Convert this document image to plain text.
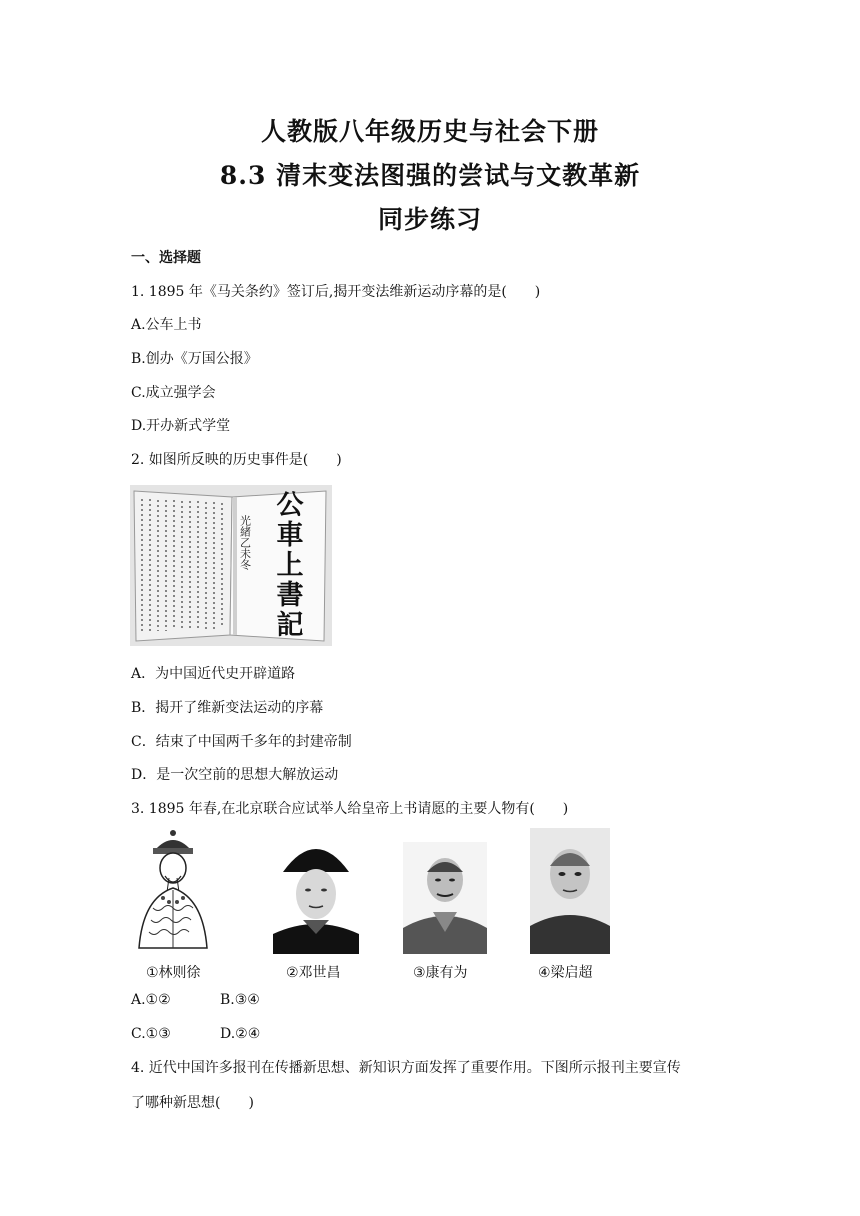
人教版八年级历史与社会下册
8.3 清末变法图强的尝试与文教革新
同步练习
一、选择题
1. 1895 年《马关条约》签订后,揭开变法维新运动序幕的是(　　)
A.公车上书
B.创办《万国公报》
C.成立强学会
D.开办新式学堂
2. 如图所反映的历史事件是(　　)
光緒乙未冬
公
車
上
書
記
A．为中国近代史开辟道路
B．揭开了维新变法运动的序幕
C．结束了中国两千多年的封建帝制
D．是一次空前的思想大解放运动
3. 1895 年春,在北京联合应试举人给皇帝上书请愿的主要人物有(　　)
①林则徐	②邓世昌	③康有为	④梁启超
A.①②	B.③④
C.①③	D.②④
4. 近代中国许多报刊在传播新思想、新知识方面发挥了重要作用。下图所示报刊主要宣传
了哪种新思想(　　)
